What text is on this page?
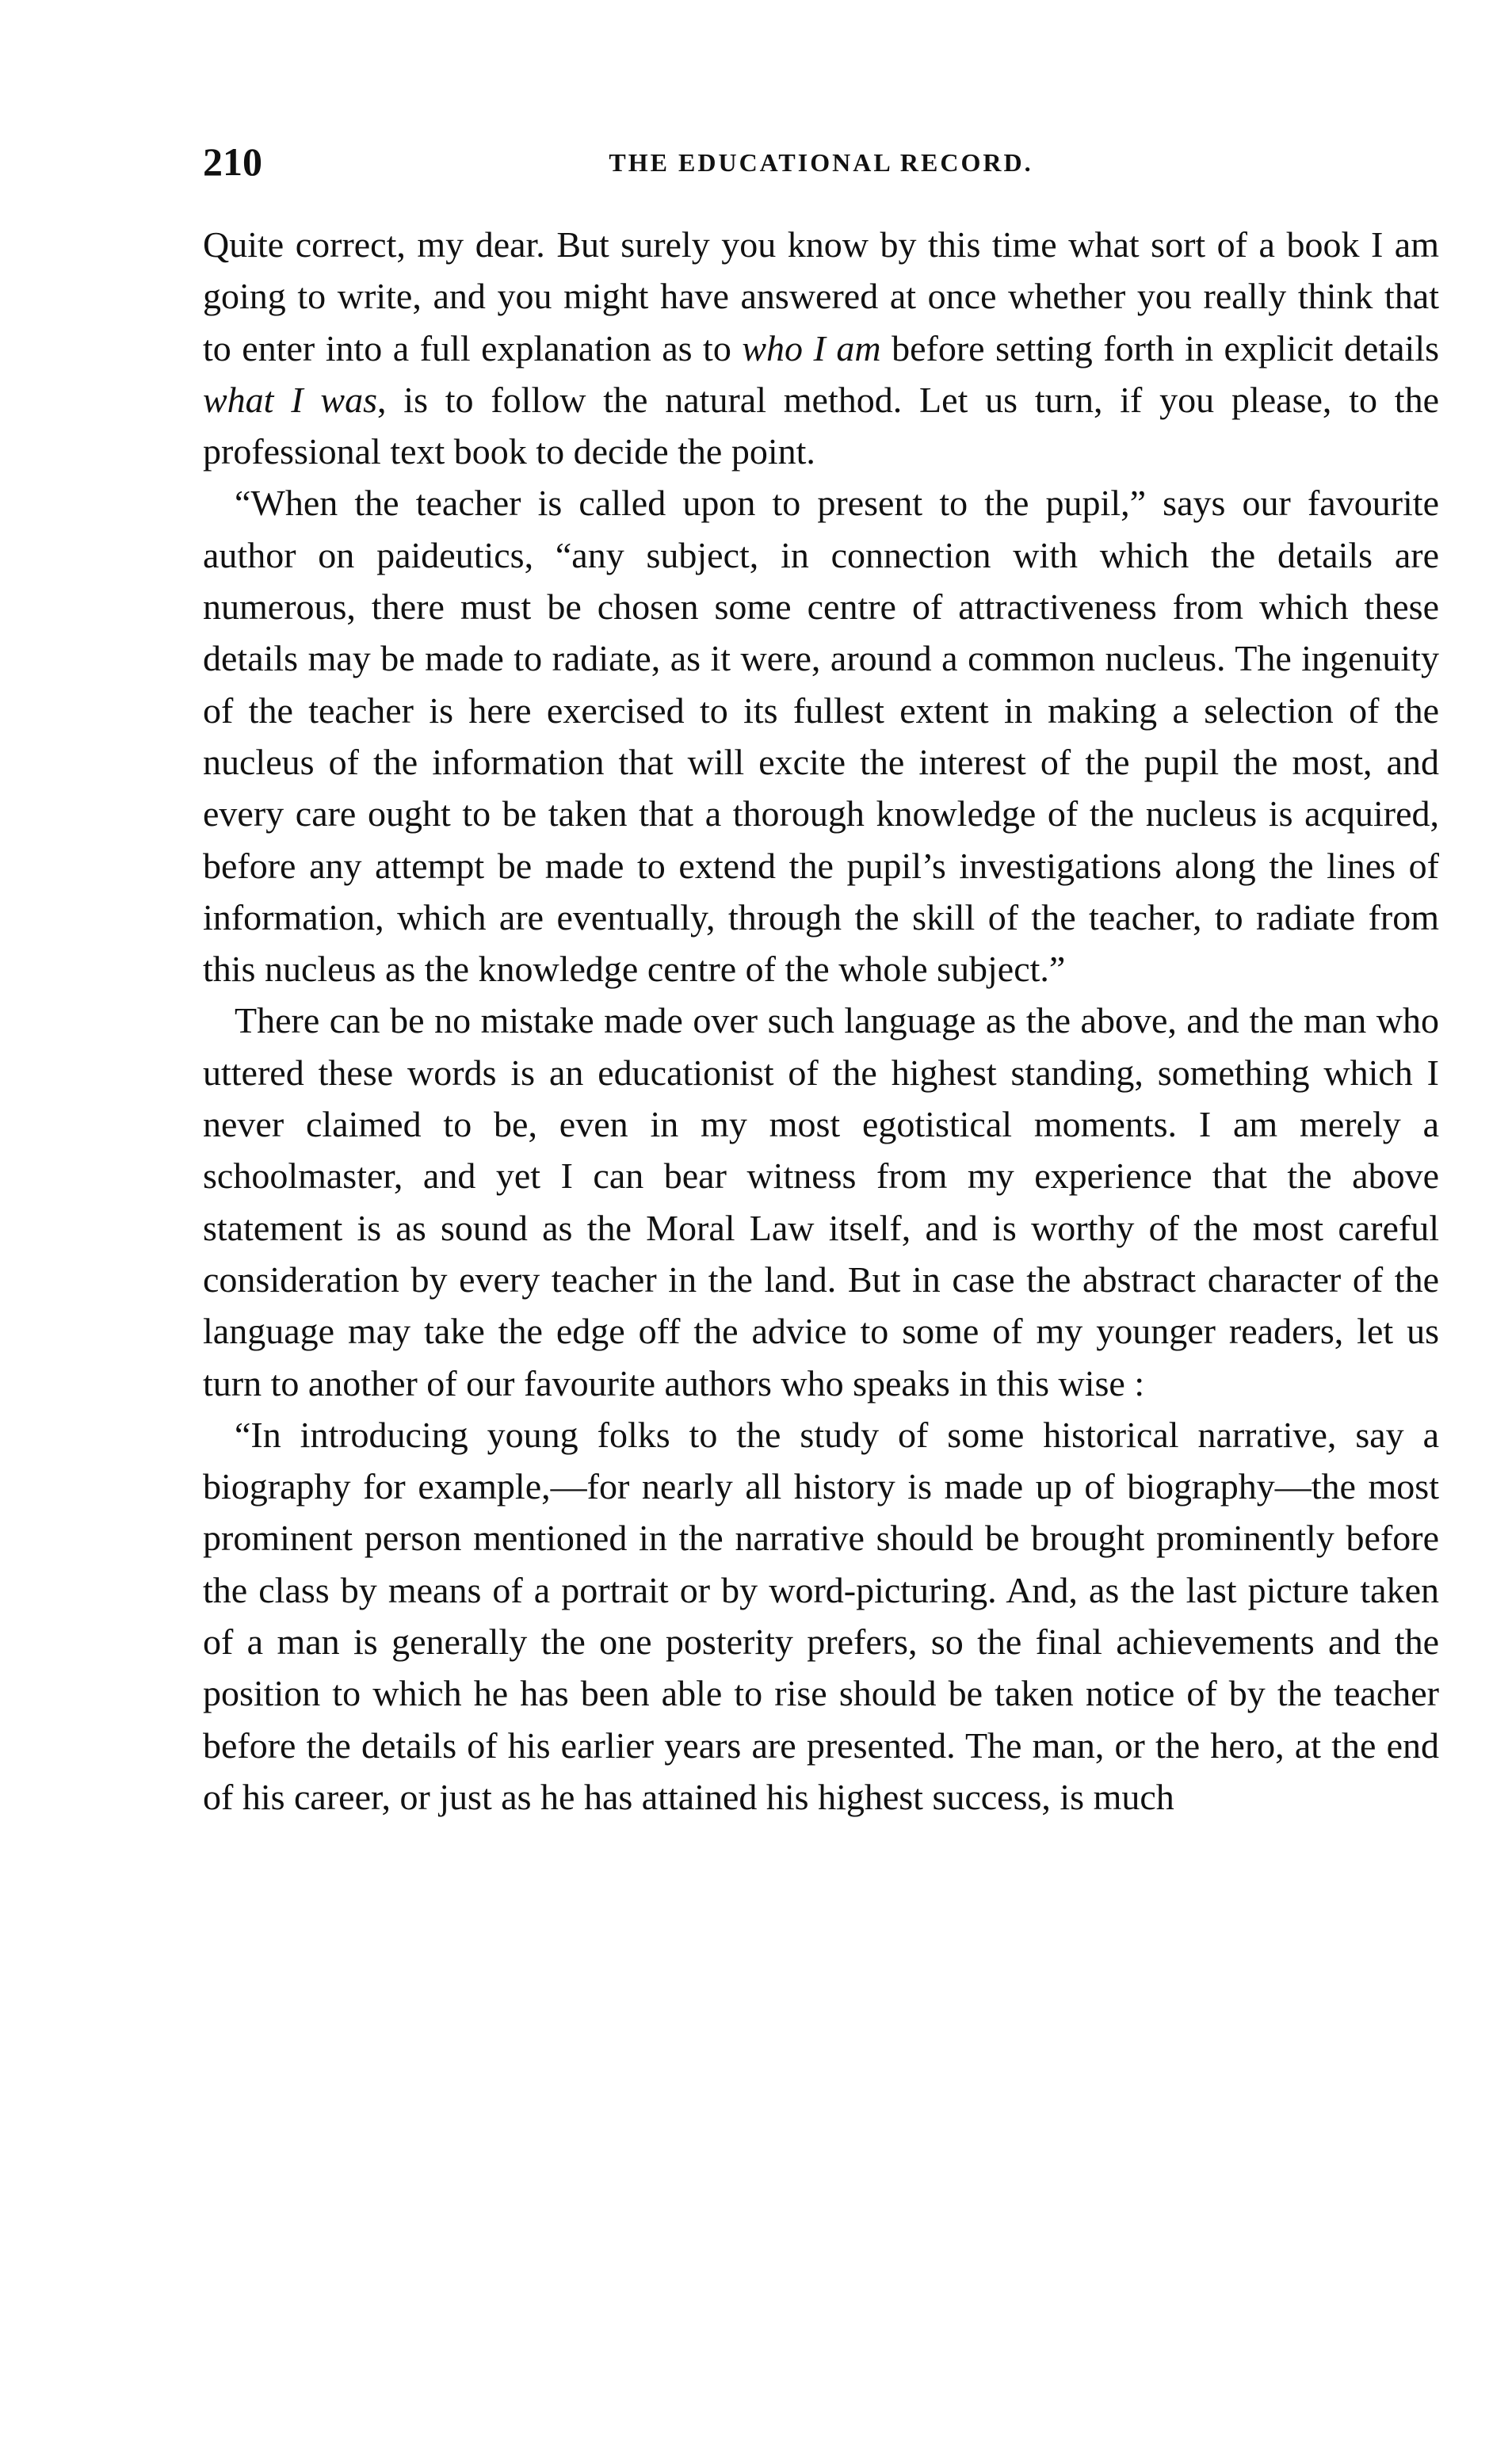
210	THE EDUCATIONAL RECORD.

Quite correct, my dear. But surely you know by this time what sort of a book I am going to write, and you might have answered at once whether you really think that to enter into a full explanation as to who I am before setting forth in explicit details what I was, is to follow the natural method. Let us turn, if you please, to the professional text book to decide the point.

“When the teacher is called upon to present to the pupil,” says our favourite author on paideutics, “any subject, in connection with which the details are numerous, there must be chosen some centre of attractiveness from which these details may be made to radiate, as it were, around a common nucleus. The ingenuity of the teacher is here exercised to its fullest extent in making a selection of the nucleus of the information that will excite the interest of the pupil the most, and every care ought to be taken that a thorough knowledge of the nucleus is acquired, before any attempt be made to extend the pupil’s investigations along the lines of information, which are eventually, through the skill of the teacher, to radiate from this nucleus as the knowledge centre of the whole subject.”

There can be no mistake made over such language as the above, and the man who uttered these words is an educationist of the highest standing, something which I never claimed to be, even in my most egotistical moments. I am merely a schoolmaster, and yet I can bear witness from my experience that the above statement is as sound as the Moral Law itself, and is worthy of the most careful consideration by every teacher in the land. But in case the abstract character of the language may take the edge off the advice to some of my younger readers, let us turn to another of our favourite authors who speaks in this wise :

“In introducing young folks to the study of some historical narrative, say a biography for example,—for nearly all history is made up of biography—the most prominent person mentioned in the narrative should be brought prominently before the class by means of a portrait or by word-picturing. And, as the last picture taken of a man is generally the one posterity prefers, so the final achievements and the position to which he has been able to rise should be taken notice of by the teacher before the details of his earlier years are presented. The man, or the hero, at the end of his career, or just as he has attained his highest success, is much
